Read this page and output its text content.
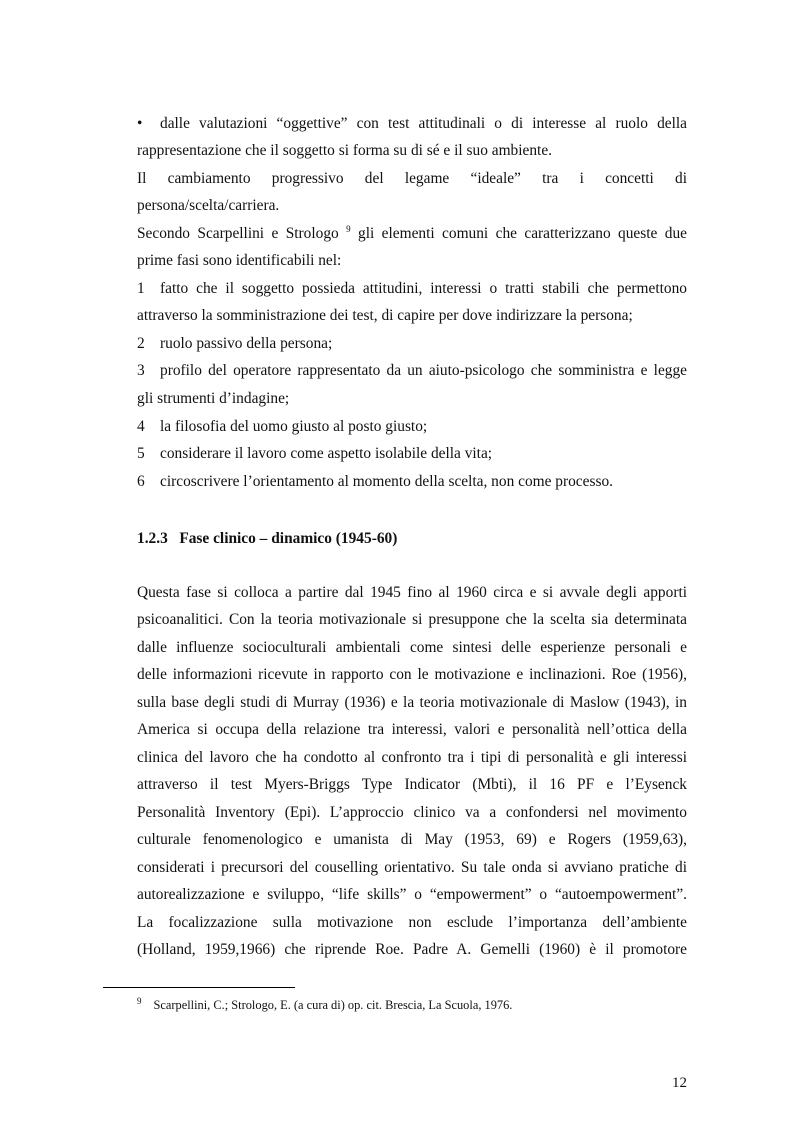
• dalle valutazioni “oggettive” con test attitudinali o di interesse al ruolo della
rappresentazione che il soggetto si forma su di sé e il suo ambiente.
Il cambiamento progressivo del legame “ideale” tra i concetti di
persona/scelta/carriera.
Secondo Scarpellini e Strologo $^9$ gli elementi comuni che caratterizzano queste due
prime fasi sono identificabili nel:
1 fatto che il soggetto possieda attitudini, interessi o tratti stabili che permettono
attraverso la somministrazione dei test, di capire per dove indirizzare la persona;
2 ruolo passivo della persona;
3 profilo del operatore rappresentato da un aiuto-psicologo che somministra e legge
gli strumenti d’indagine;
4 la filosofia del uomo giusto al posto giusto;
5 considerare il lavoro come aspetto isolabile della vita;
6 circoscrivere l’orientamento al momento della scelta, non come processo.
1.2.3 Fase clinico – dinamico (1945-60)
Questa fase si colloca a partire dal 1945 fino al 1960 circa e si avvale degli apporti
psicoanalitici. Con la teoria motivazionale si presuppone che la scelta sia determinata
dalle influenze socioculturali ambientali come sintesi delle esperienze personali e
delle informazioni ricevute in rapporto con le motivazione e inclinazioni. Roe (1956),
sulla base degli studi di Murray (1936) e la teoria motivazionale di Maslow (1943), in
America si occupa della relazione tra interessi, valori e personalità nell’ottica della
clinica del lavoro che ha condotto al confronto tra i tipi di personalità e gli interessi
attraverso il test Myers-Briggs Type Indicator (Mbti), il 16 PF e l’Eysenck
Personalità Inventory (Epi). L’approccio clinico va a confondersi nel movimento
culturale fenomenologico e umanista di May (1953, 69) e Rogers (1959,63),
considerati i precursori del couselling orientativo. Su tale onda si avviano pratiche di
autorealizzazione e sviluppo, “life skills” o “empowerment” o “autoempowerment”.
La focalizzazione sulla motivazione non esclude l’importanza dell’ambiente
(Holland, 1959,1966) che riprende Roe. Padre A. Gemelli (1960) è il promotore
$^9$ Scarpellini, C.; Strologo, E. (a cura di) op. cit. Brescia, La Scuola, 1976.
12
